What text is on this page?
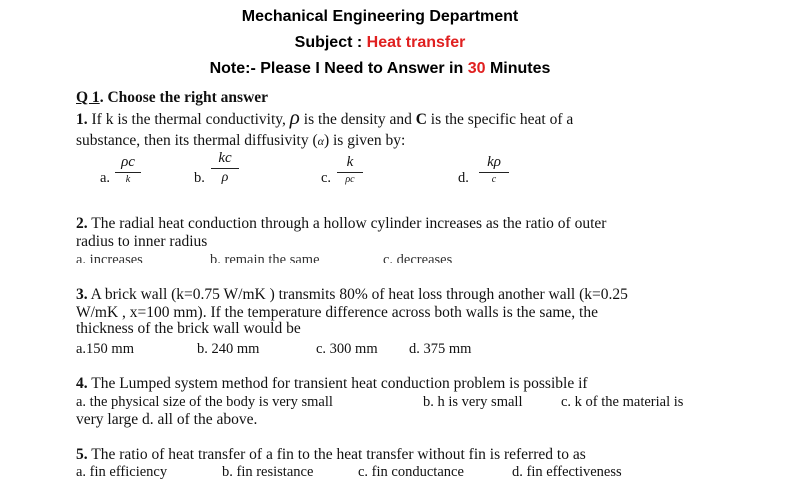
Mechanical Engineering Department
Subject : Heat transfer
Note:- Please I Need to Answer in 30 Minutes
Q 1. Choose the right answer
1. If k is the thermal conductivity, ρ is the density and C is the specific heat of a
substance, then its thermal diffusivity (α) is given by:
a.
ρc
k	b.
kc
ρ	c.
k
ρc	d.
kρ
c
2. The radial heat conduction through a hollow cylinder increases as the ratio of outer
radius to inner radius
a. increases	b. remain the same	c. decreases
3. A brick wall (k=0.75 W/mK ) transmits 80% of heat loss through another wall (k=0.25
W/mK , x=100 mm). If the temperature difference across both walls is the same, the
thickness of the brick wall would be
a.150 mm	b. 240 mm	c. 300 mm d. 375 mm
4. The Lumped system method for transient heat conduction problem is possible if
a. the physical size of the body is very small	b. h is very small	c. k of the material is
very large d. all of the above.
5. The ratio of heat transfer of a fin to the heat transfer without fin is referred to as
a. fin efficiency	b. fin resistance	c. fin conductance	d. fin effectiveness
